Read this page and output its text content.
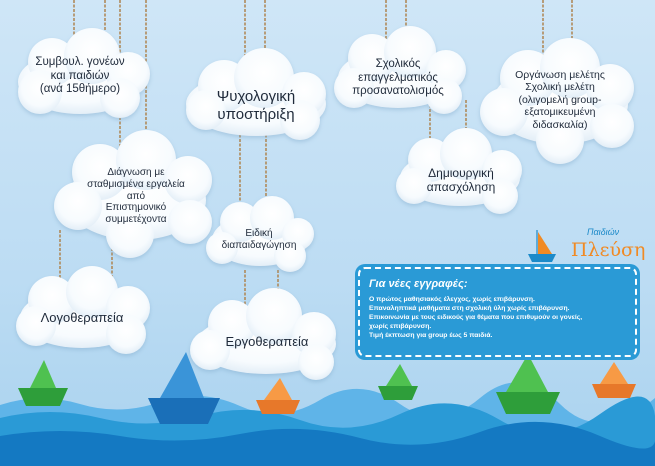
Συμβουλ. γονέων
και παιδιών
(ανά 15θήμερο)	Ψυχολογική
υποστήριξη
Σχολικός
επαγγελματικός
προσανατολισμός
Οργάνωση μελέτης
Σχολική μελέτη
(ολιγομελή group-
εξατομικευμένη
διδασκαλία)
Διάγνωση με
σταθμισμένα εργαλεία
από
Επιστημονικό
συμμετέχοντα
Ειδική
διαπαιδαγώγηση
Δημιουργική
απασχόληση
Λογοθεραπεία
Εργοθεραπεία
Παιδιών
Πλεύση
Για νέες εγγραφές:
Ο πρώτος μαθησιακός έλεγχος, χωρίς επιβάρυνση.
Επαναληπτικά μαθήματα στη σχολική ύλη χωρίς επιβάρυνση.
Επικοινωνία με τους ειδικούς για θέματα που επιθυμούν οι γονείς,
χωρίς επιβάρυνση.
Τιμή έκπτωση για group έως 5 παιδιά.
